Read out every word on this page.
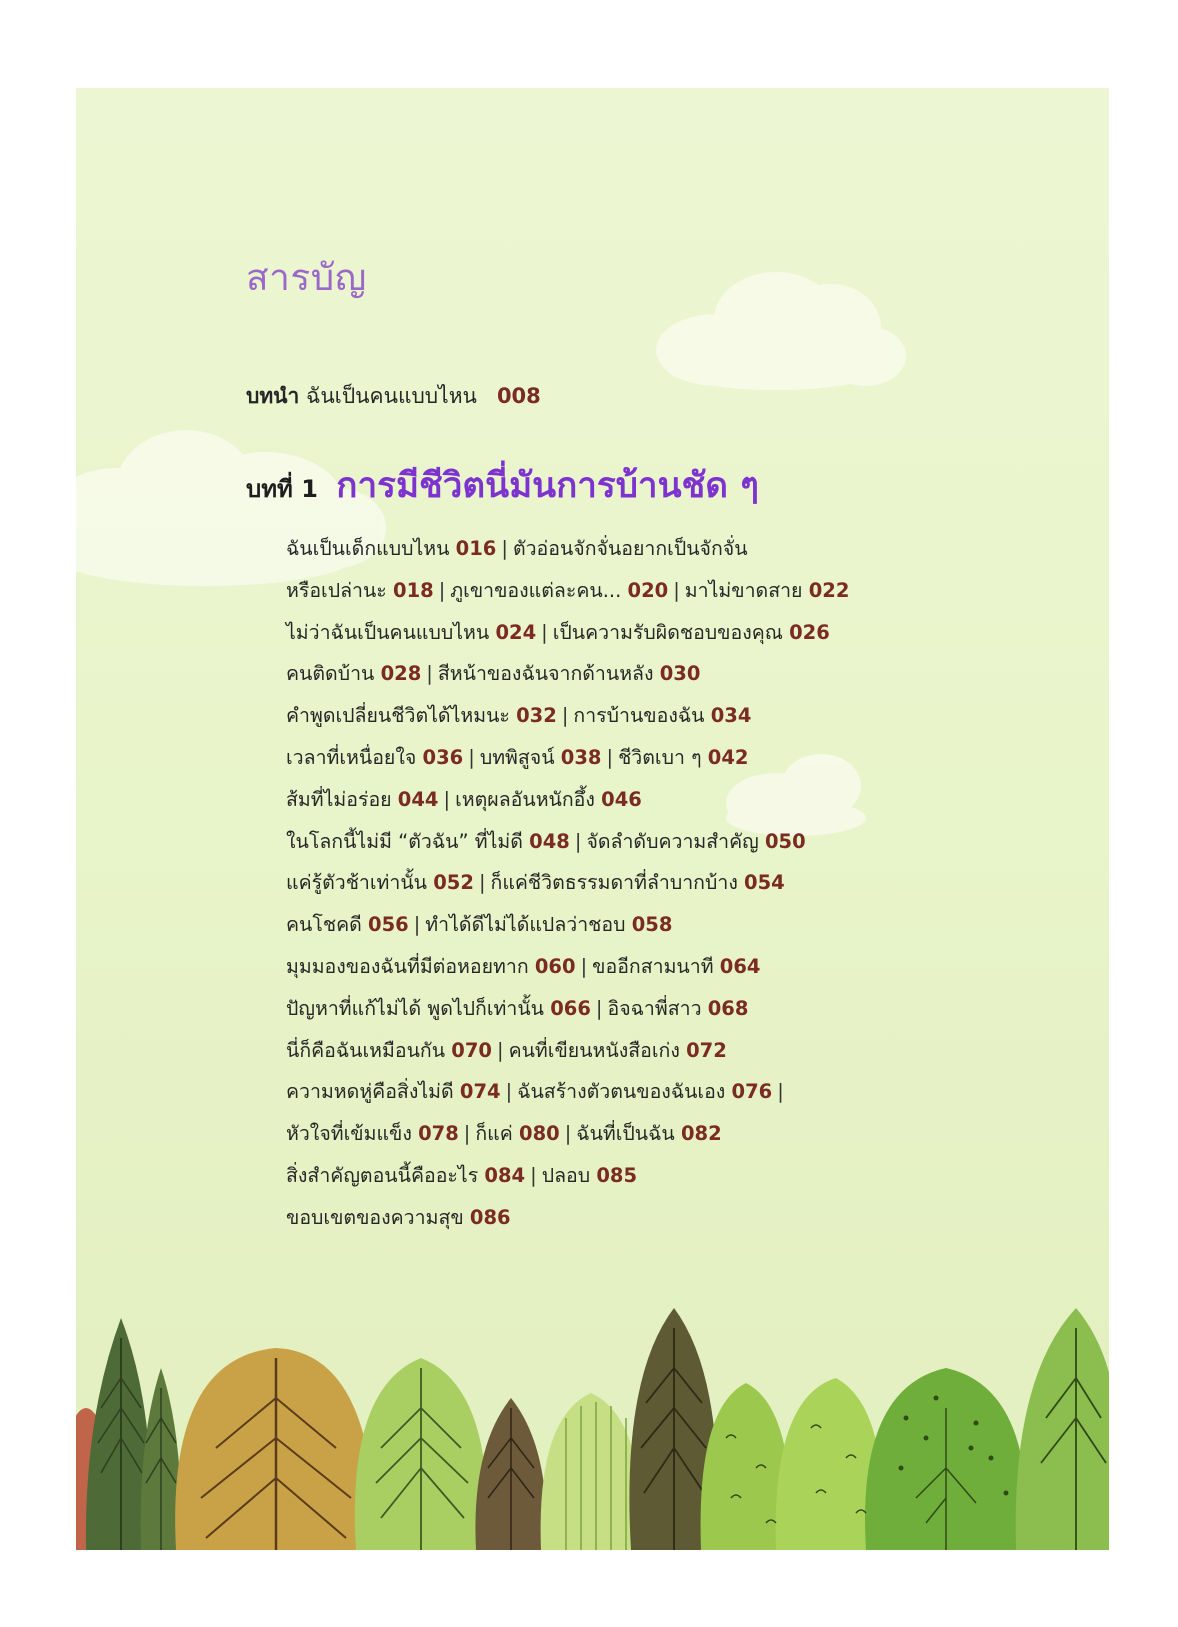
สารบัญ

บทนำ ฉันเป็นคนแบบไหน 008

บทที่ 1 การมีชีวิตนี่มันการบ้านชัด ๆ
ฉันเป็นเด็กแบบไหน 016 | ตัวอ่อนจักจั่นอยากเป็นจักจั่น
หรือเปล่านะ 018 | ภูเขาของแต่ละคน... 020 | มาไม่ขาดสาย 022
ไม่ว่าฉันเป็นคนแบบไหน 024 | เป็นความรับผิดชอบของคุณ 026
คนติดบ้าน 028 | สีหน้าของฉันจากด้านหลัง 030
คำพูดเปลี่ยนชีวิตได้ไหมนะ 032 | การบ้านของฉัน 034
เวลาที่เหนื่อยใจ 036 | บทพิสูจน์ 038 | ชีวิตเบา ๆ 042
ส้มที่ไม่อร่อย 044 | เหตุผลอันหนักอึ้ง 046
ในโลกนี้ไม่มี “ตัวฉัน” ที่ไม่ดี 048 | จัดลำดับความสำคัญ 050
แค่รู้ตัวช้าเท่านั้น 052 | ก็แค่ชีวิตธรรมดาที่ลำบากบ้าง 054
คนโชคดี 056 | ทำได้ดีไม่ได้แปลว่าชอบ 058
มุมมองของฉันที่มีต่อหอยทาก 060 | ขออีกสามนาที 064
ปัญหาที่แก้ไม่ได้ พูดไปก็เท่านั้น 066 | อิจฉาพี่สาว 068
นี่ก็คือฉันเหมือนกัน 070 | คนที่เขียนหนังสือเก่ง 072
ความหดหู่คือสิ่งไม่ดี 074 | ฉันสร้างตัวตนของฉันเอง 076 |
หัวใจที่เข้มแข็ง 078 | ก็แค่ 080 | ฉันที่เป็นฉัน 082
สิ่งสำคัญตอนนี้คืออะไร 084 | ปลอบ 085
ขอบเขตของความสุข 086
